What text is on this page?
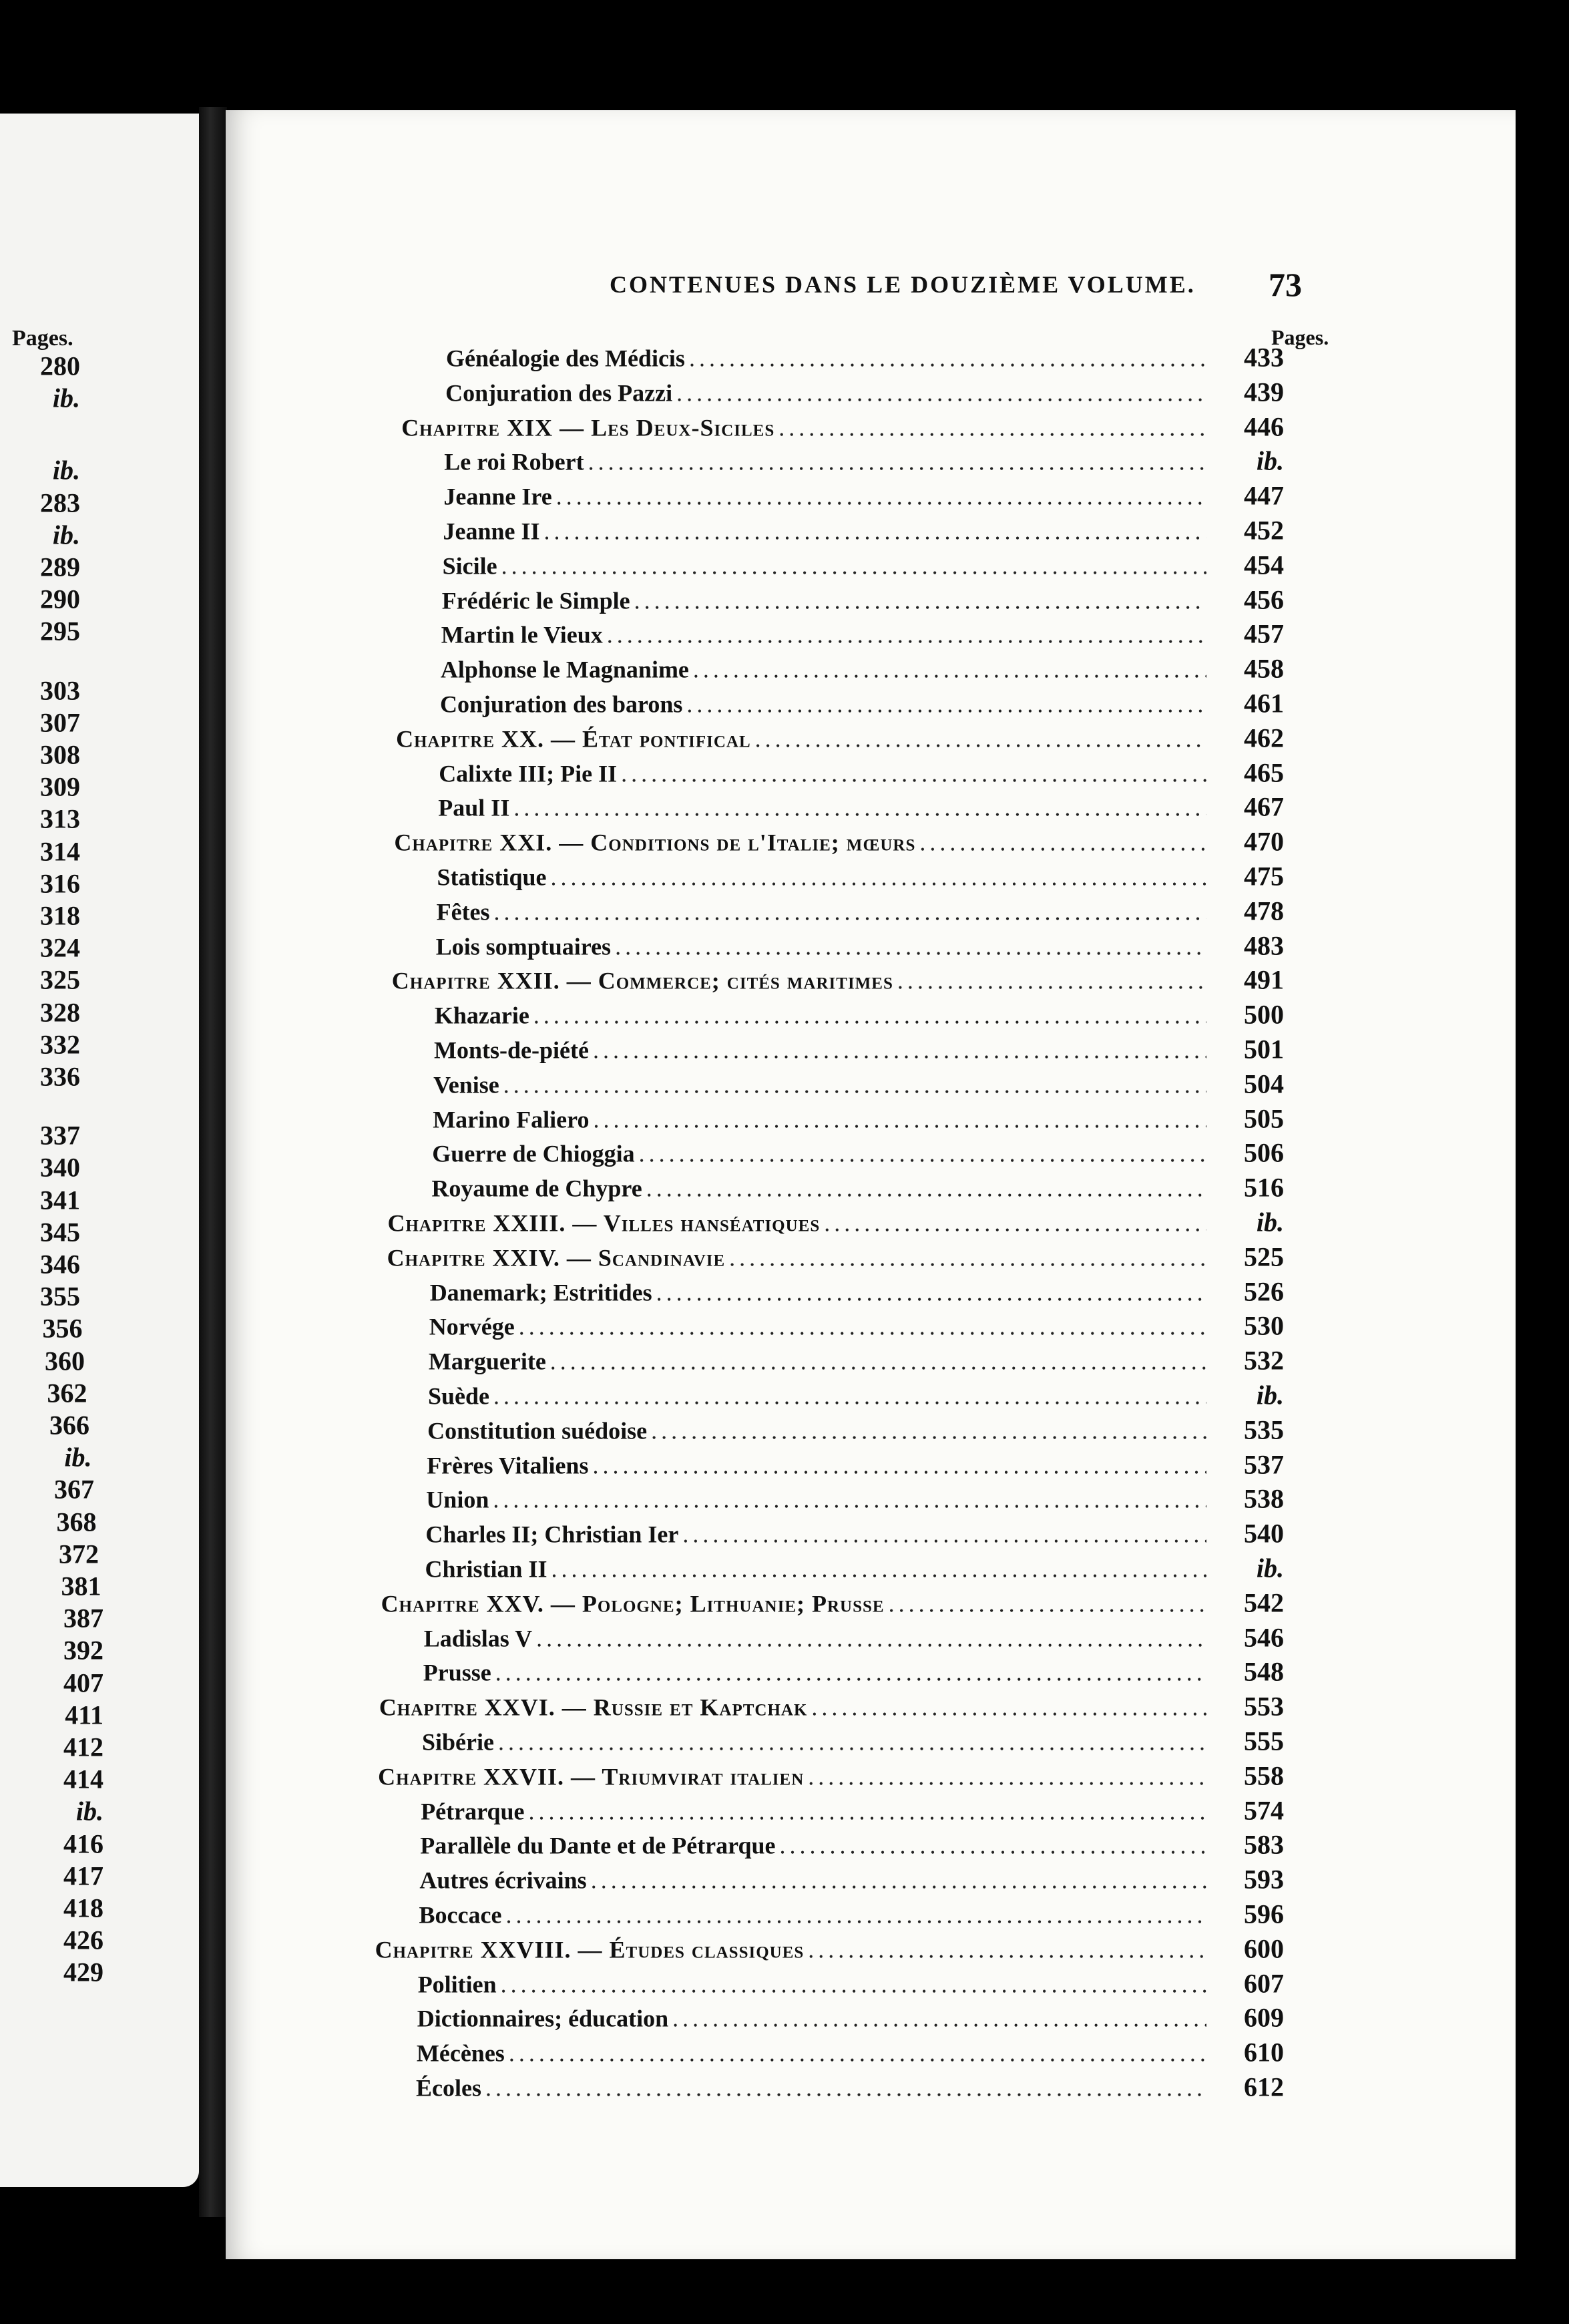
Pages.
280
ib.
ib.
283
ib.
289
290
295
303
307
308
309
313
314
316
318
324
325
328
332
336
337
340
341
345
346
355
356
360
362
366
ib.
367
368
372
381
387
392
407
411
412
414
ib.
416
417
418
426
429
CONTENUES DANS LE DOUZIÈME VOLUME. 73
Pages.
Généalogie des Médicis .....	433
Conjuration des Pazzi .....	439
Chapitre XIX — Les Deux-Siciles .....	446
Le roi Robert .....	ib.
Jeanne Ire .....	447
Jeanne II .....	452
Sicile .....	454
Frédéric le Simple .....	456
Martin le Vieux .....	457
Alphonse le Magnanime .....	458
Conjuration des barons .....	461
Chapitre XX. — État pontifical .....	462
Calixte III; Pie II .....	465
Paul II .....	467
Chapitre XXI. — Conditions de l'Italie; mœurs .....	470
Statistique .....	475
Fêtes .....	478
Lois somptuaires .....	483
Chapitre XXII. — Commerce; cités maritimes .....	491
Khazarie .....	500
Monts-de-piété .....	501
Venise .....	504
Marino Faliero .....	505
Guerre de Chioggia .....	506
Royaume de Chypre .....	516
Chapitre XXIII. — Villes hanséatiques .....	ib.
Chapitre XXIV. — Scandinavie .....	525
Danemark; Estritides .....	526
Norvége .....	530
Marguerite .....	532
Suède .....	ib.
Constitution suédoise .....	535
Frères Vitaliens .....	537
Union .....	538
Charles II; Christian Ier .....	540
Christian II .....	ib.
Chapitre XXV. — Pologne; Lithuanie; Prusse .....	542
Ladislas V .....	546
Prusse .....	548
Chapitre XXVI. — Russie et Kaptchak .....	553
Sibérie .....	555
Chapitre XXVII. — Triumvirat italien .....	558
Pétrarque .....	574
Parallèle du Dante et de Pétrarque .....	583
Autres écrivains .....	593
Boccace .....	596
Chapitre XXVIII. — Études classiques .....	600
Politien .....	607
Dictionnaires; éducation .....	609
Mécènes .....	610
Écoles .....	612
